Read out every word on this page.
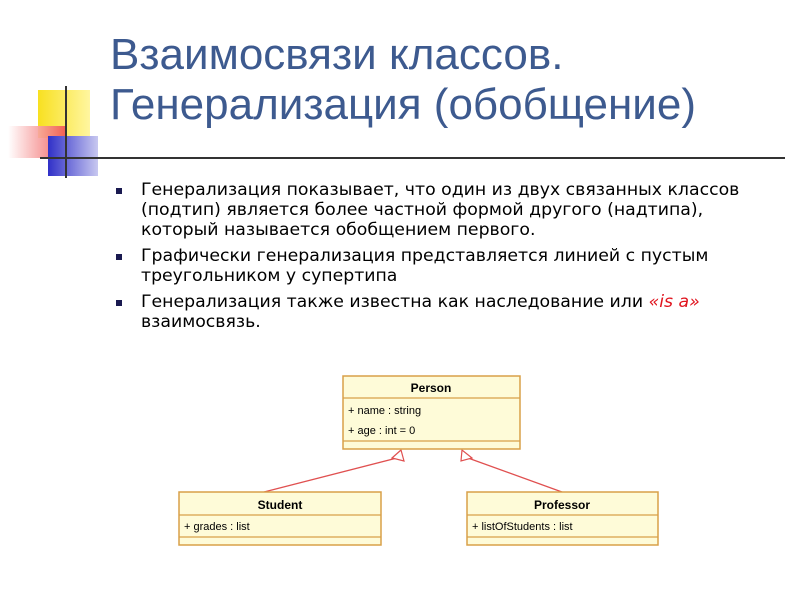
Взаимосвязи классов.
Генерализация (обобщение)
Генерализация показывает, что один из двух связанных классов (подтип) является более частной формой другого (надтипа), который называется обобщением первого.
Графически генерализация представляется линией с пустым треугольником у супертипа
Генерализация также известна как наследование или «is a» взаимосвязь.
Person
+ name : string
+ age : int = 0
Student
+ grades : list
Professor
+ listOfStudents : list
